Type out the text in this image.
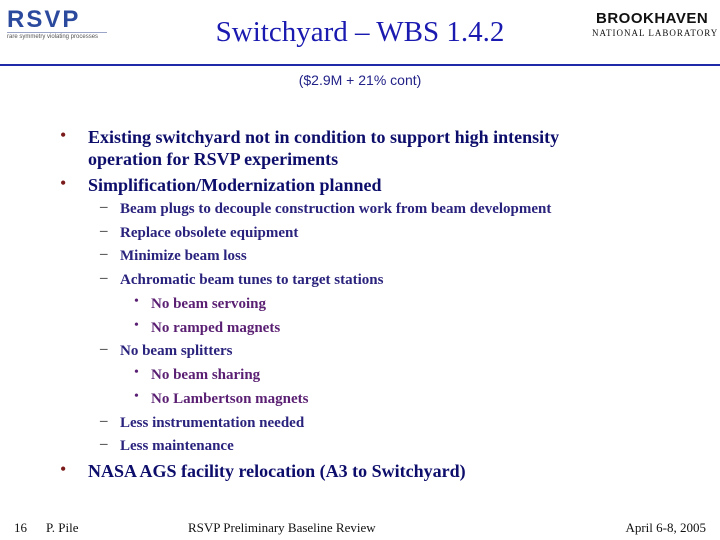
RSVP
rare symmetry violating processes	Switchyard – WBS 1.4.2	BROOKHAVEN
NATIONAL LABORATORY
($2.9M + 21% cont)
• Existing switchyard not in condition to support high intensity
operation for RSVP experiments
• Simplification/Modernization planned
– Beam plugs to decouple construction work from beam development
– Replace obsolete equipment
– Minimize beam loss
– Achromatic beam tunes to target stations
• No beam servoing
• No ramped magnets
– No beam splitters
• No beam sharing
• No Lambertson magnets
– Less instrumentation needed
– Less maintenance
• NASA AGS facility relocation (A3 to Switchyard)
16 P. Pile	RSVP Preliminary Baseline Review	April 6-8, 2005
